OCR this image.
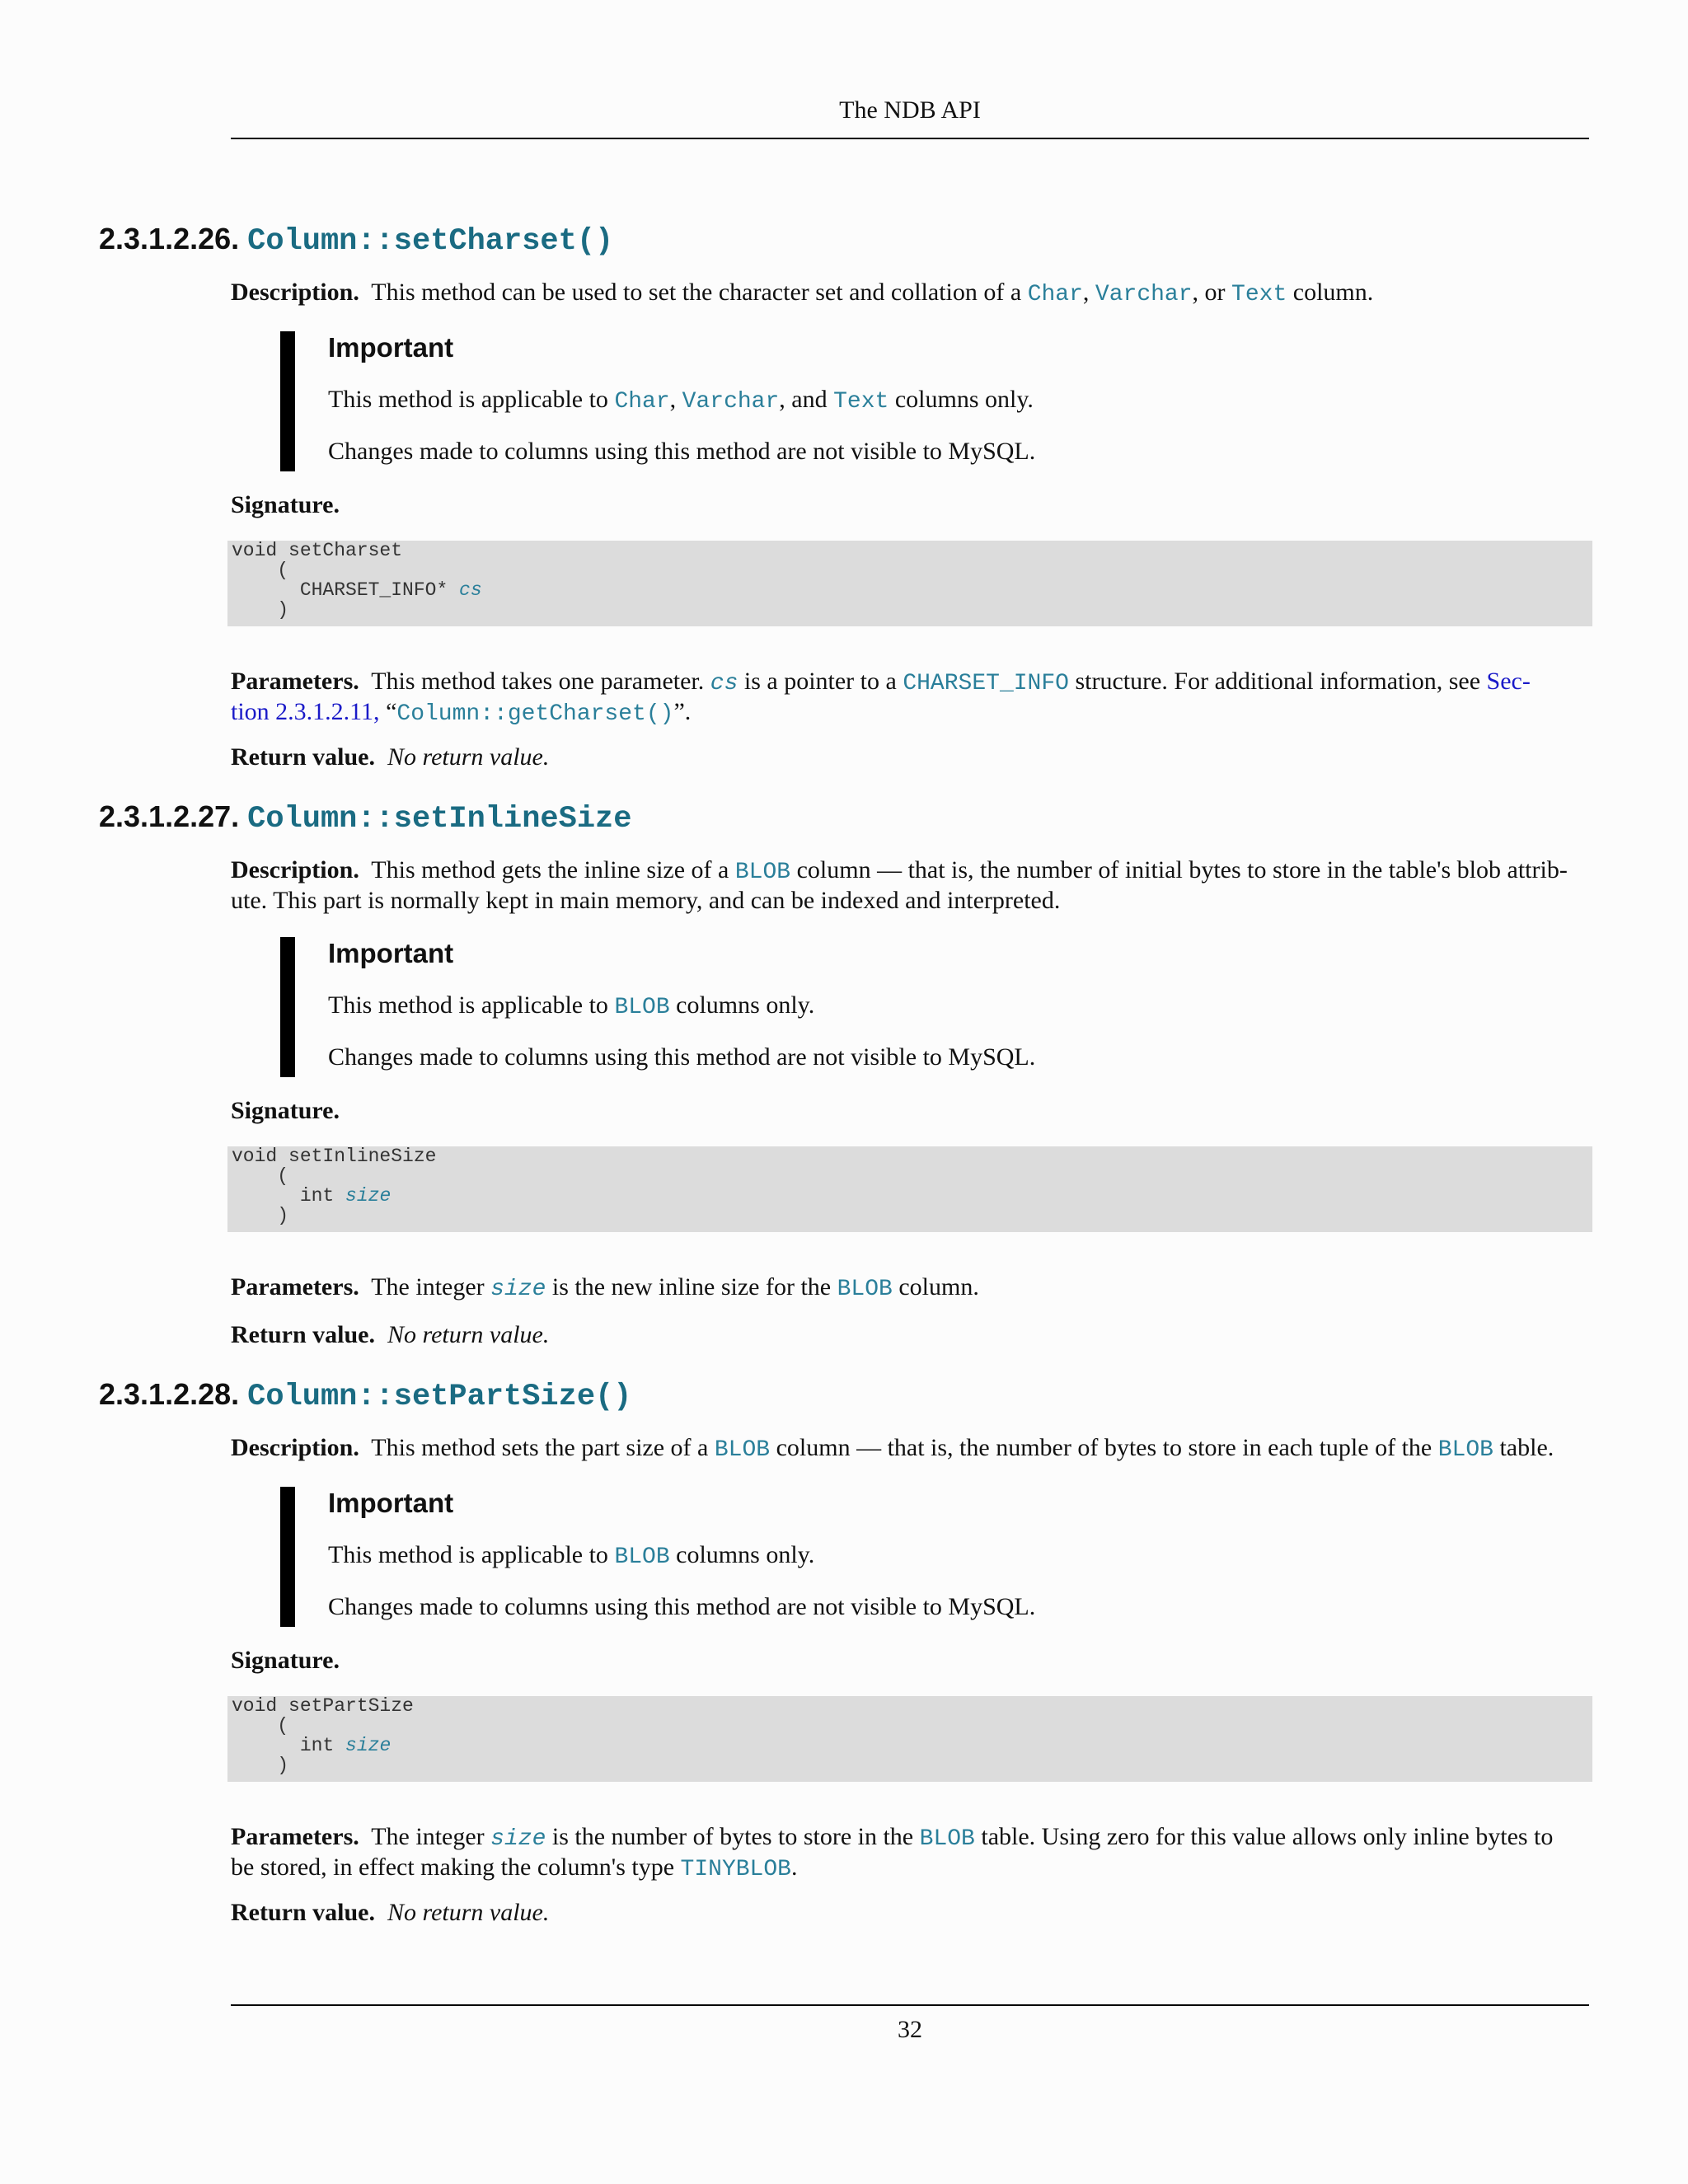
The NDB API
2.3.1.2.26. Column::setCharset()
Description. This method can be used to set the character set and collation of a Char, Varchar, or Text column.
Important
This method is applicable to Char, Varchar, and Text columns only.
Changes made to columns using this method are not visible to MySQL.
Signature.
void setCharset
(
CHARSET_INFO* cs
)
Parameters. This method takes one parameter. cs is a pointer to a CHARSET_INFO structure. For additional information, see Sec-
tion 2.3.1.2.11, “Column::getCharset()”.
Return value. No return value.
2.3.1.2.27. Column::setInlineSize
Description. This method gets the inline size of a BLOB column — that is, the number of initial bytes to store in the table's blob attrib-
ute. This part is normally kept in main memory, and can be indexed and interpreted.
Important
This method is applicable to BLOB columns only.
Changes made to columns using this method are not visible to MySQL.
Signature.
void setInlineSize
(
int size
)
Parameters. The integer size is the new inline size for the BLOB column.
Return value. No return value.
2.3.1.2.28. Column::setPartSize()
Description. This method sets the part size of a BLOB column — that is, the number of bytes to store in each tuple of the BLOB table.
Important
This method is applicable to BLOB columns only.
Changes made to columns using this method are not visible to MySQL.
Signature.
void setPartSize
(
int size
)
Parameters. The integer size is the number of bytes to store in the BLOB table. Using zero for this value allows only inline bytes to
be stored, in effect making the column's type TINYBLOB.
Return value. No return value.
32
